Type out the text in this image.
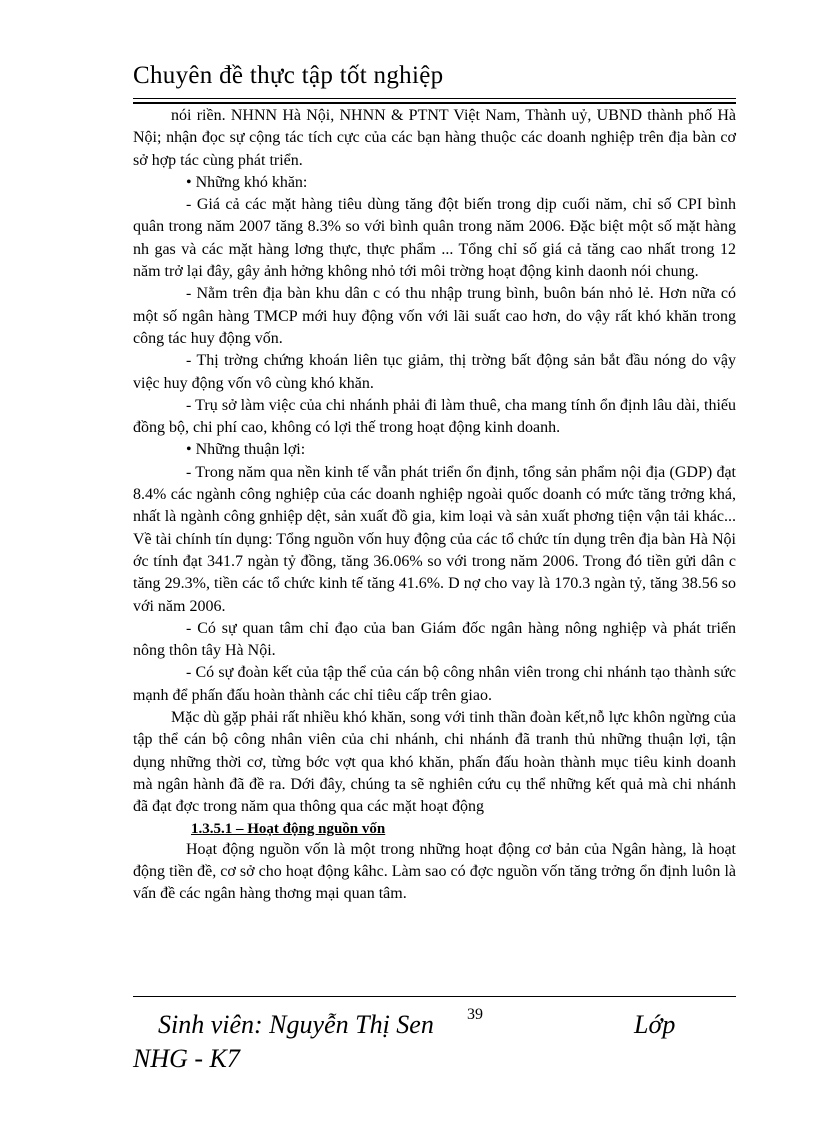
Chuyên đề thực tập tốt nghiệp

nói riền. NHNN Hà Nội, NHNN & PTNT Việt Nam, Thành uỷ, UBND thành phố Hà Nội; nhận đọc sự cộng tác tích cực của các bạn hàng thuộc các doanh nghiệp trên địa bàn cơ sở hợp tác cùng phát triển.

• Những khó khăn:

- Giá cả các mặt hàng tiêu dùng tăng đột biến trong dịp cuối năm, chỉ số CPI bình quân trong năm 2007 tăng 8.3% so với bình quân trong năm 2006. Đặc biệt một số mặt hàng nh gas và các mặt hàng lơng thực, thực phẩm ... Tổng chỉ số giá cả tăng cao nhất trong 12 năm trở lại đây, gây ảnh hởng không nhỏ tới môi trờng hoạt động kinh daonh nói chung.

- Nằm trên địa bàn khu dân c có thu nhập trung bình, buôn bán nhỏ lẻ. Hơn nữa có một số ngân hàng TMCP mới huy động vốn với lãi suất cao hơn, do vậy rất khó khăn trong công tác huy động vốn.

- Thị trờng chứng khoán liên tục giảm, thị trờng bất động sản bắt đầu nóng do vậy việc huy động vốn vô cùng khó khăn.

- Trụ sở làm việc của chi nhánh phải đi làm thuê, cha mang tính ổn định lâu dài, thiếu đồng bộ, chi phí cao, không có lợi thế trong hoạt động kinh doanh.

• Những thuận lợi:

- Trong năm qua nền kinh tế vẫn phát triển ổn định, tổng sản phẩm nội địa (GDP) đạt 8.4% các ngành công nghiệp của các doanh nghiệp ngoài quốc doanh có mức tăng trởng khá, nhất là ngành công gnhiệp dệt, sản xuất đồ gia, kim loại và sản xuất phơng tiện vận tải khác... Về tài chính tín dụng: Tổng nguồn vốn huy động của các tổ chức tín dụng trên địa bàn Hà Nội ớc tính đạt 341.7 ngàn tỷ đồng, tăng 36.06% so với trong năm 2006. Trong đó tiền gửi dân c tăng 29.3%, tiền các tổ chức kinh tế tăng 41.6%. D nợ cho vay là 170.3 ngàn tỷ, tăng 38.56 so với năm 2006.

- Có sự quan tâm chỉ đạo của ban Giám đốc ngân hàng nông nghiệp và phát triển nông thôn tây Hà Nội.

- Có sự đoàn kết của tập thể của cán bộ công nhân viên trong chi nhánh tạo thành sức mạnh để phấn đấu hoàn thành các chỉ tiêu cấp trên giao.

Mặc dù gặp phải rất nhiều khó khăn, song với tinh thần đoàn kết,nỗ lực khôn ngừng của tập thể cán bộ công nhân viên của chi nhánh, chi nhánh đã tranh thủ những thuận lợi, tận dụng những thời cơ, từng bớc vợt qua khó khăn, phấn đấu hoàn thành mục tiêu kinh doanh mà ngân hành đã đề ra. Dới đây, chúng ta sẽ nghiên cứu cụ thể những kết quả mà chi nhánh đã đạt đợc trong năm qua thông qua các mặt hoạt động

1.3.5.1 – Hoạt động nguồn vốn

Hoạt động nguồn vốn là một trong những hoạt động cơ bản của Ngân hàng, là hoạt động tiền đề, cơ sở cho hoạt động kâhc. Làm sao có đợc nguồn vốn tăng trởng ổn định luôn là vấn đề các ngân hàng thơng mại quan tâm.

39
Sinh viên: Nguyễn Thị Sen	Lớp
NHG - K7
